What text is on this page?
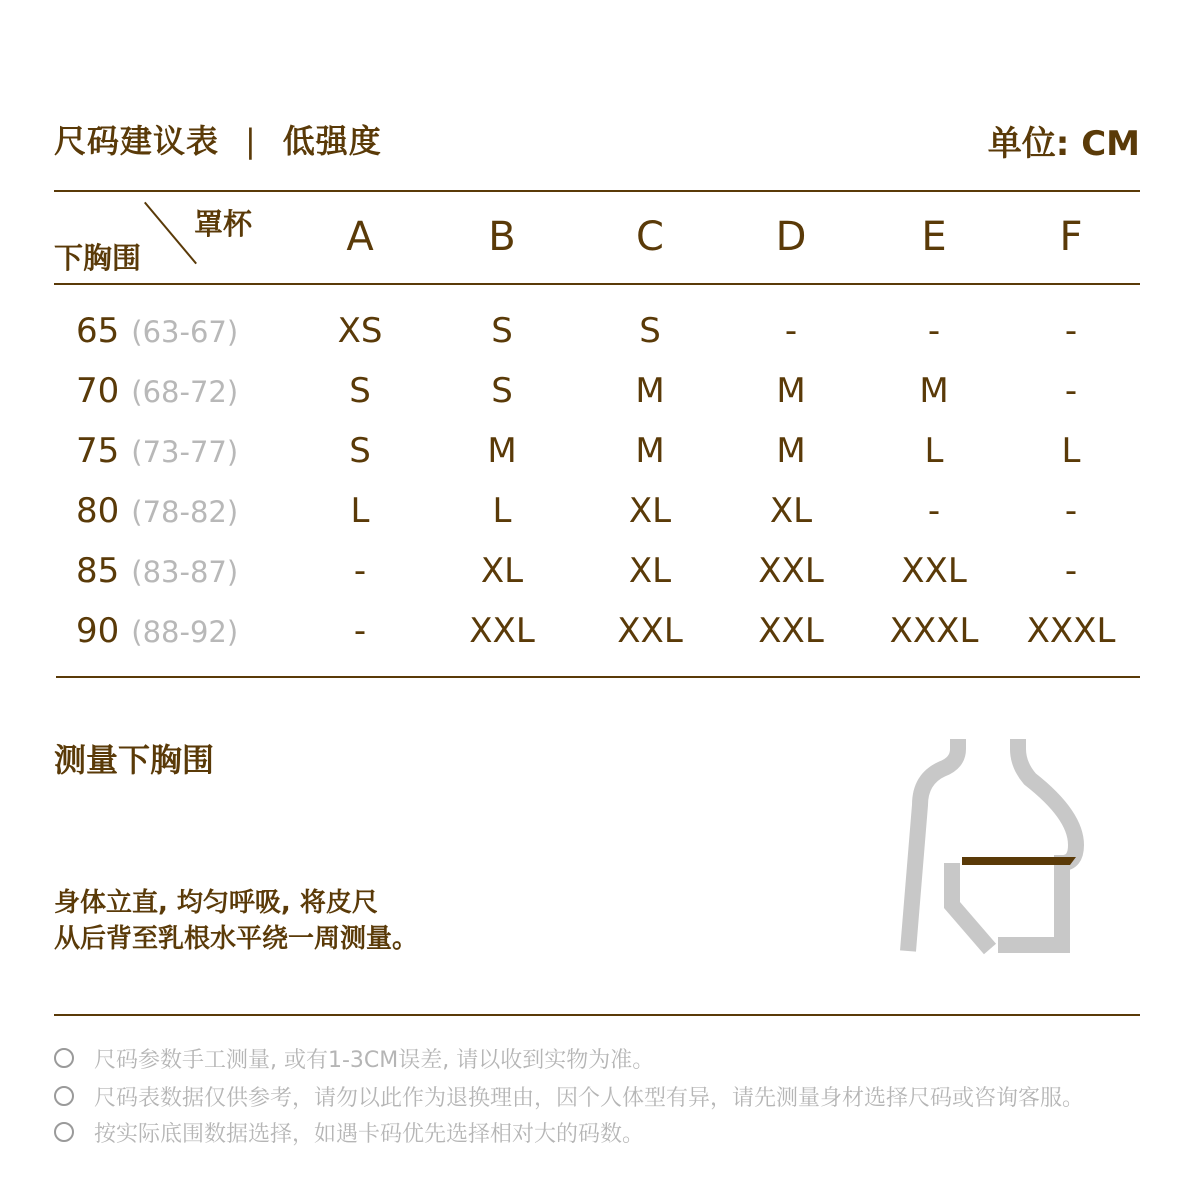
尺码建议表 | 低强度	单位: CM
罩杯
下胸围	A	B	C	D	E	F
65 (63-67)	XS	S	S	-	-	-
70 (68-72)	S	S	M	M	M	-
75 (73-77)	S	M	M	M	L	L
80 (78-82)	L	L	XL	XL	-	-
85 (83-87)	-	XL	XL	XXL	XXL	-
90 (88-92)	-	XXL	XXL	XXL	XXXL	XXXL
测量下胸围
身体立直, 均匀呼吸, 将皮尺
从后背至乳根水平绕一周测量。
尺码参数手工测量, 或有1-3CM误差, 请以收到实物为准。
尺码表数据仅供参考，请勿以此作为退换理由，因个人体型有异，请先测量身材选择尺码或咨询客服。
按实际底围数据选择，如遇卡码优先选择相对大的码数。
